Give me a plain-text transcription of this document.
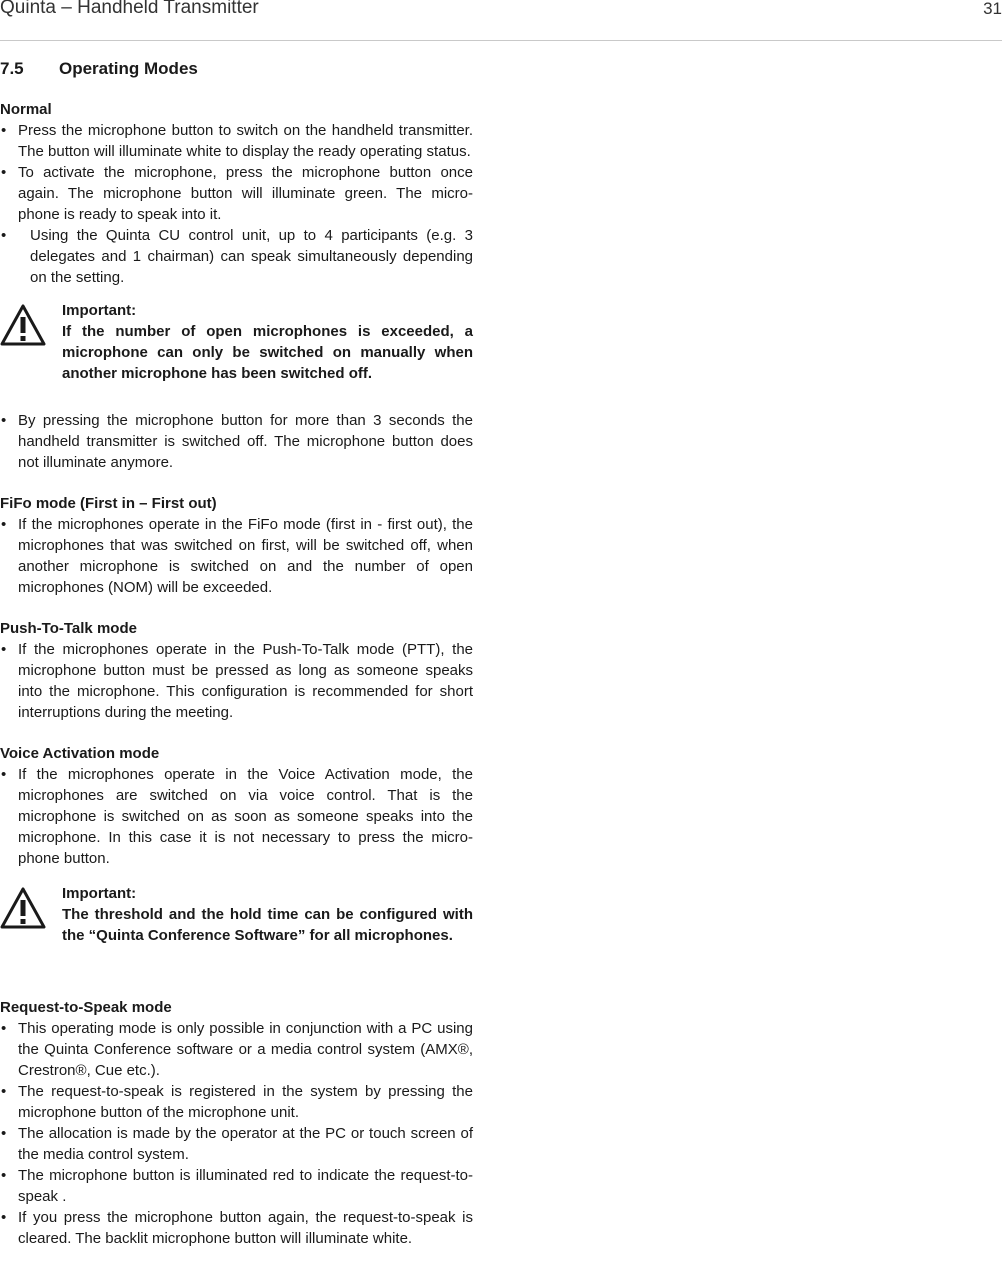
Quinta – Handheld Transmitter	31
7.5	Operating Modes
Normal
• Press the microphone button to switch on the handheld transmitter. The button will illuminate white to display the ready operating status.
• To activate the microphone, press the microphone button once again. The microphone button will illuminate green. The micro-phone is ready to speak into it.
• Using the Quinta CU control unit, up to 4 participants (e.g. 3 delegates and 1 chairman) can speak simultaneously depending on the setting.
Important:
If the number of open microphones is exceeded, a microphone can only be switched on manually when another microphone has been switched off.
• By pressing the microphone button for more than 3 seconds the handheld transmitter is switched off. The microphone button does not illuminate anymore.
FiFo mode (First in – First out)
• If the microphones operate in the FiFo mode (first in - first out), the microphones that was switched on first, will be switched off, when another microphone is switched on and the number of open microphones (NOM) will be exceeded.
Push-To-Talk mode
• If the microphones operate in the Push-To-Talk mode (PTT), the microphone button must be pressed as long as someone speaks into the microphone. This configuration is recommended for short interruptions during the meeting.
Voice Activation mode
• If the microphones operate in the Voice Activation mode, the microphones are switched on via voice control. That is the microphone is switched on as soon as someone speaks into the microphone. In this case it is not necessary to press the micro-phone button.
Important:
The threshold and the hold time can be configured with the “Quinta Conference Software” for all microphones.
Request-to-Speak mode
• This operating mode is only possible in conjunction with a PC using the Quinta Conference software or a media control system (AMX®, Crestron®, Cue etc.).
• The request-to-speak is registered in the system by pressing the microphone button of the microphone unit.
• The allocation is made by the operator at the PC or touch screen of the media control system.
• The microphone button is illuminated red to indicate the request-to-speak .
• If you press the microphone button again, the request-to-speak is cleared. The backlit microphone button will illuminate white.
